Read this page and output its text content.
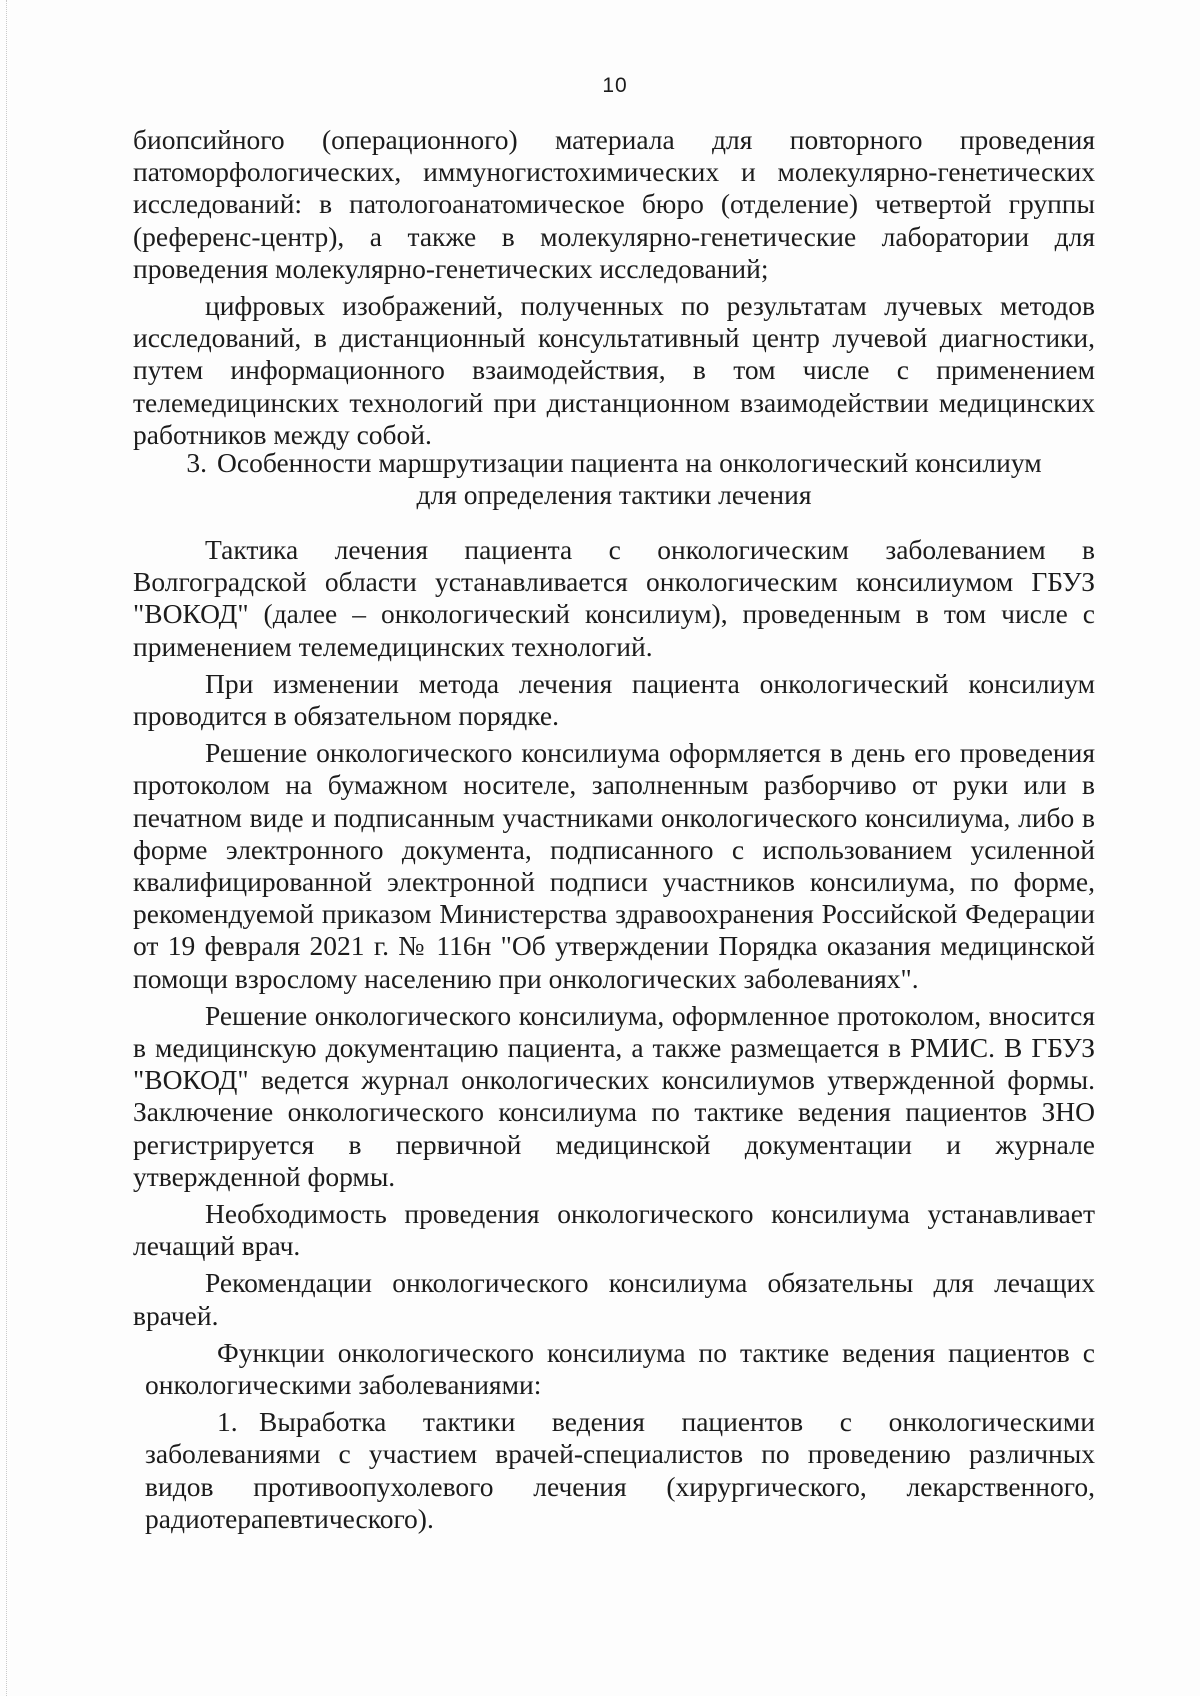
10

биопсийного (операционного) материала для повторного проведения патоморфологических, иммуногистохимических и молекулярно-генетических исследований: в патологоанатомическое бюро (отделение) четвертой группы (референс-центр), а также в молекулярно-генетические лаборатории для проведения молекулярно-генетических исследований;

цифровых изображений, полученных по результатам лучевых методов исследований, в дистанционный консультативный центр лучевой диагностики, путем информационного взаимодействия, в том числе с применением телемедицинских технологий при дистанционном взаимодействии медицинских работников между собой.

3. Особенности маршрутизации пациента на онкологический консилиум

для определения тактики лечения

Тактика лечения пациента с онкологическим заболеванием в Волгоградской области устанавливается онкологическим консилиумом ГБУЗ "ВОКОД" (далее – онкологический консилиум), проведенным в том числе с применением телемедицинских технологий.

При изменении метода лечения пациента онкологический консилиум проводится в обязательном порядке.

Решение онкологического консилиума оформляется в день его проведения протоколом на бумажном носителе, заполненным разборчиво от руки или в печатном виде и подписанным участниками онкологического консилиума, либо в форме электронного документа, подписанного с использованием усиленной квалифицированной электронной подписи участников консилиума, по форме, рекомендуемой приказом Министерства здравоохранения Российской Федерации от 19 февраля 2021 г. № 116н "Об утверждении Порядка оказания медицинской помощи взрослому населению при онкологических заболеваниях".

Решение онкологического консилиума, оформленное протоколом, вносится в медицинскую документацию пациента, а также размещается в РМИС. В ГБУЗ "ВОКОД" ведется журнал онкологических консилиумов утвержденной формы. Заключение онкологического консилиума по тактике ведения пациентов ЗНО регистрируется в первичной медицинской документации и журнале утвержденной формы.

Необходимость проведения онкологического консилиума устанавливает лечащий врач.

Рекомендации онкологического консилиума обязательны для лечащих врачей.

Функции онкологического консилиума по тактике ведения пациентов с онкологическими заболеваниями:

1. Выработка тактики ведения пациентов с онкологическими заболеваниями с участием врачей-специалистов по проведению различных видов противоопухолевого лечения (хирургического, лекарственного, радиотерапевтического).
